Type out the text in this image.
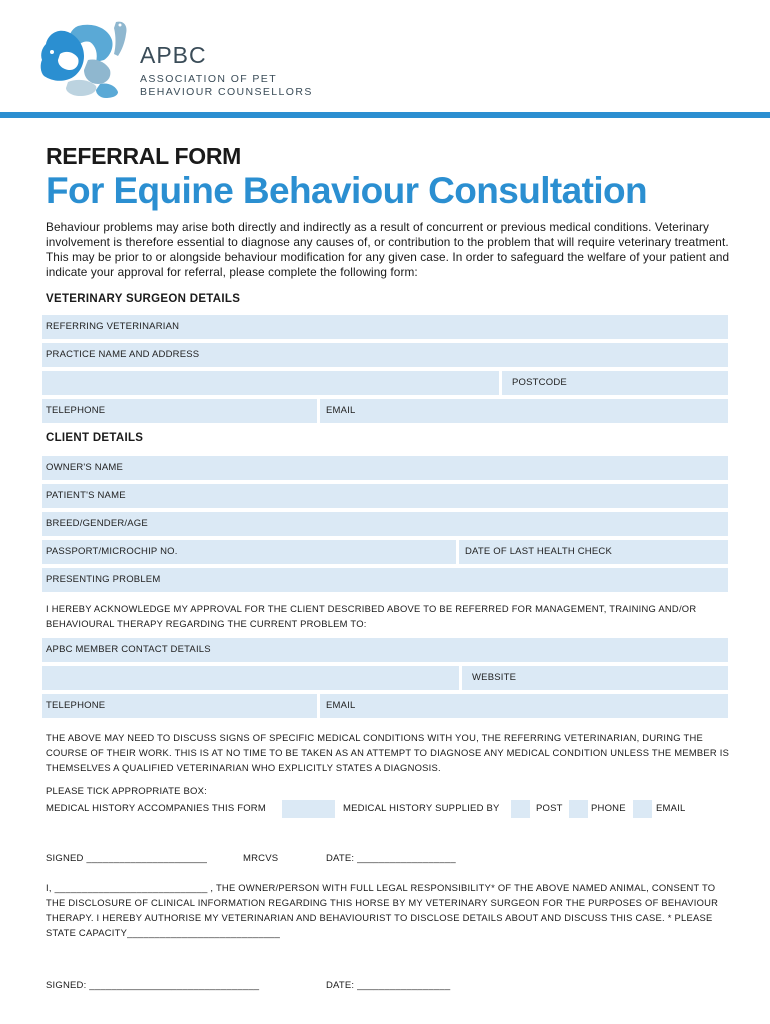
APBC
ASSOCIATION OF PET
BEHAVIOUR COUNSELLORS
REFERRAL FORM
For Equine Behaviour Consultation
Behaviour problems may arise both directly and indirectly as a result of concurrent or previous medical conditions. Veterinary involvement is therefore essential to diagnose any causes of, or contribution to the problem that will require veterinary treatment. This may be prior to or alongside behaviour modification for any given case. In order to safeguard the welfare of your patient and indicate your approval for referral, please complete the following form:
VETERINARY SURGEON DETAILS
REFERRING VETERINARIAN
PRACTICE NAME AND ADDRESS
POSTCODE
TELEPHONE	EMAIL
CLIENT DETAILS
OWNER'S NAME
PATIENT'S NAME
BREED/GENDER/AGE
PASSPORT/MICROCHIP NO.	DATE OF LAST HEALTH CHECK
PRESENTING PROBLEM
I HEREBY ACKNOWLEDGE MY APPROVAL FOR THE CLIENT DESCRIBED ABOVE TO BE REFERRED FOR MANAGEMENT, TRAINING AND/OR BEHAVIOURAL THERAPY REGARDING THE CURRENT PROBLEM TO:
APBC MEMBER CONTACT DETAILS
WEBSITE
TELEPHONE	EMAIL
THE ABOVE MAY NEED TO DISCUSS SIGNS OF SPECIFIC MEDICAL CONDITIONS WITH YOU, THE REFERRING VETERINARIAN, DURING THE COURSE OF THEIR WORK. THIS IS AT NO TIME TO BE TAKEN AS AN ATTEMPT TO DIAGNOSE ANY MEDICAL CONDITION UNLESS THE MEMBER IS THEMSELVES A QUALIFIED VETERINARIAN WHO EXPLICITLY STATES A DIAGNOSIS.
PLEASE TICK APPROPRIATE BOX:
MEDICAL HISTORY ACCOMPANIES THIS FORM	MEDICAL HISTORY SUPPLIED BY	POST	PHONE	EMAIL
SIGNED ______________________	MRCVS	DATE: __________________
I, ____________________________ , THE OWNER/PERSON WITH FULL LEGAL RESPONSIBILITY* OF THE ABOVE NAMED ANIMAL, CONSENT TO THE DISCLOSURE OF CLINICAL INFORMATION REGARDING THIS HORSE BY MY VETERINARY SURGEON FOR THE PURPOSES OF BEHAVIOUR THERAPY. I HEREBY AUTHORISE MY VETERINARIAN AND BEHAVIOURIST TO DISCLOSE DETAILS ABOUT AND DISCUSS THIS CASE. * PLEASE STATE CAPACITY____________________________
SIGNED: _______________________________	DATE: _________________
